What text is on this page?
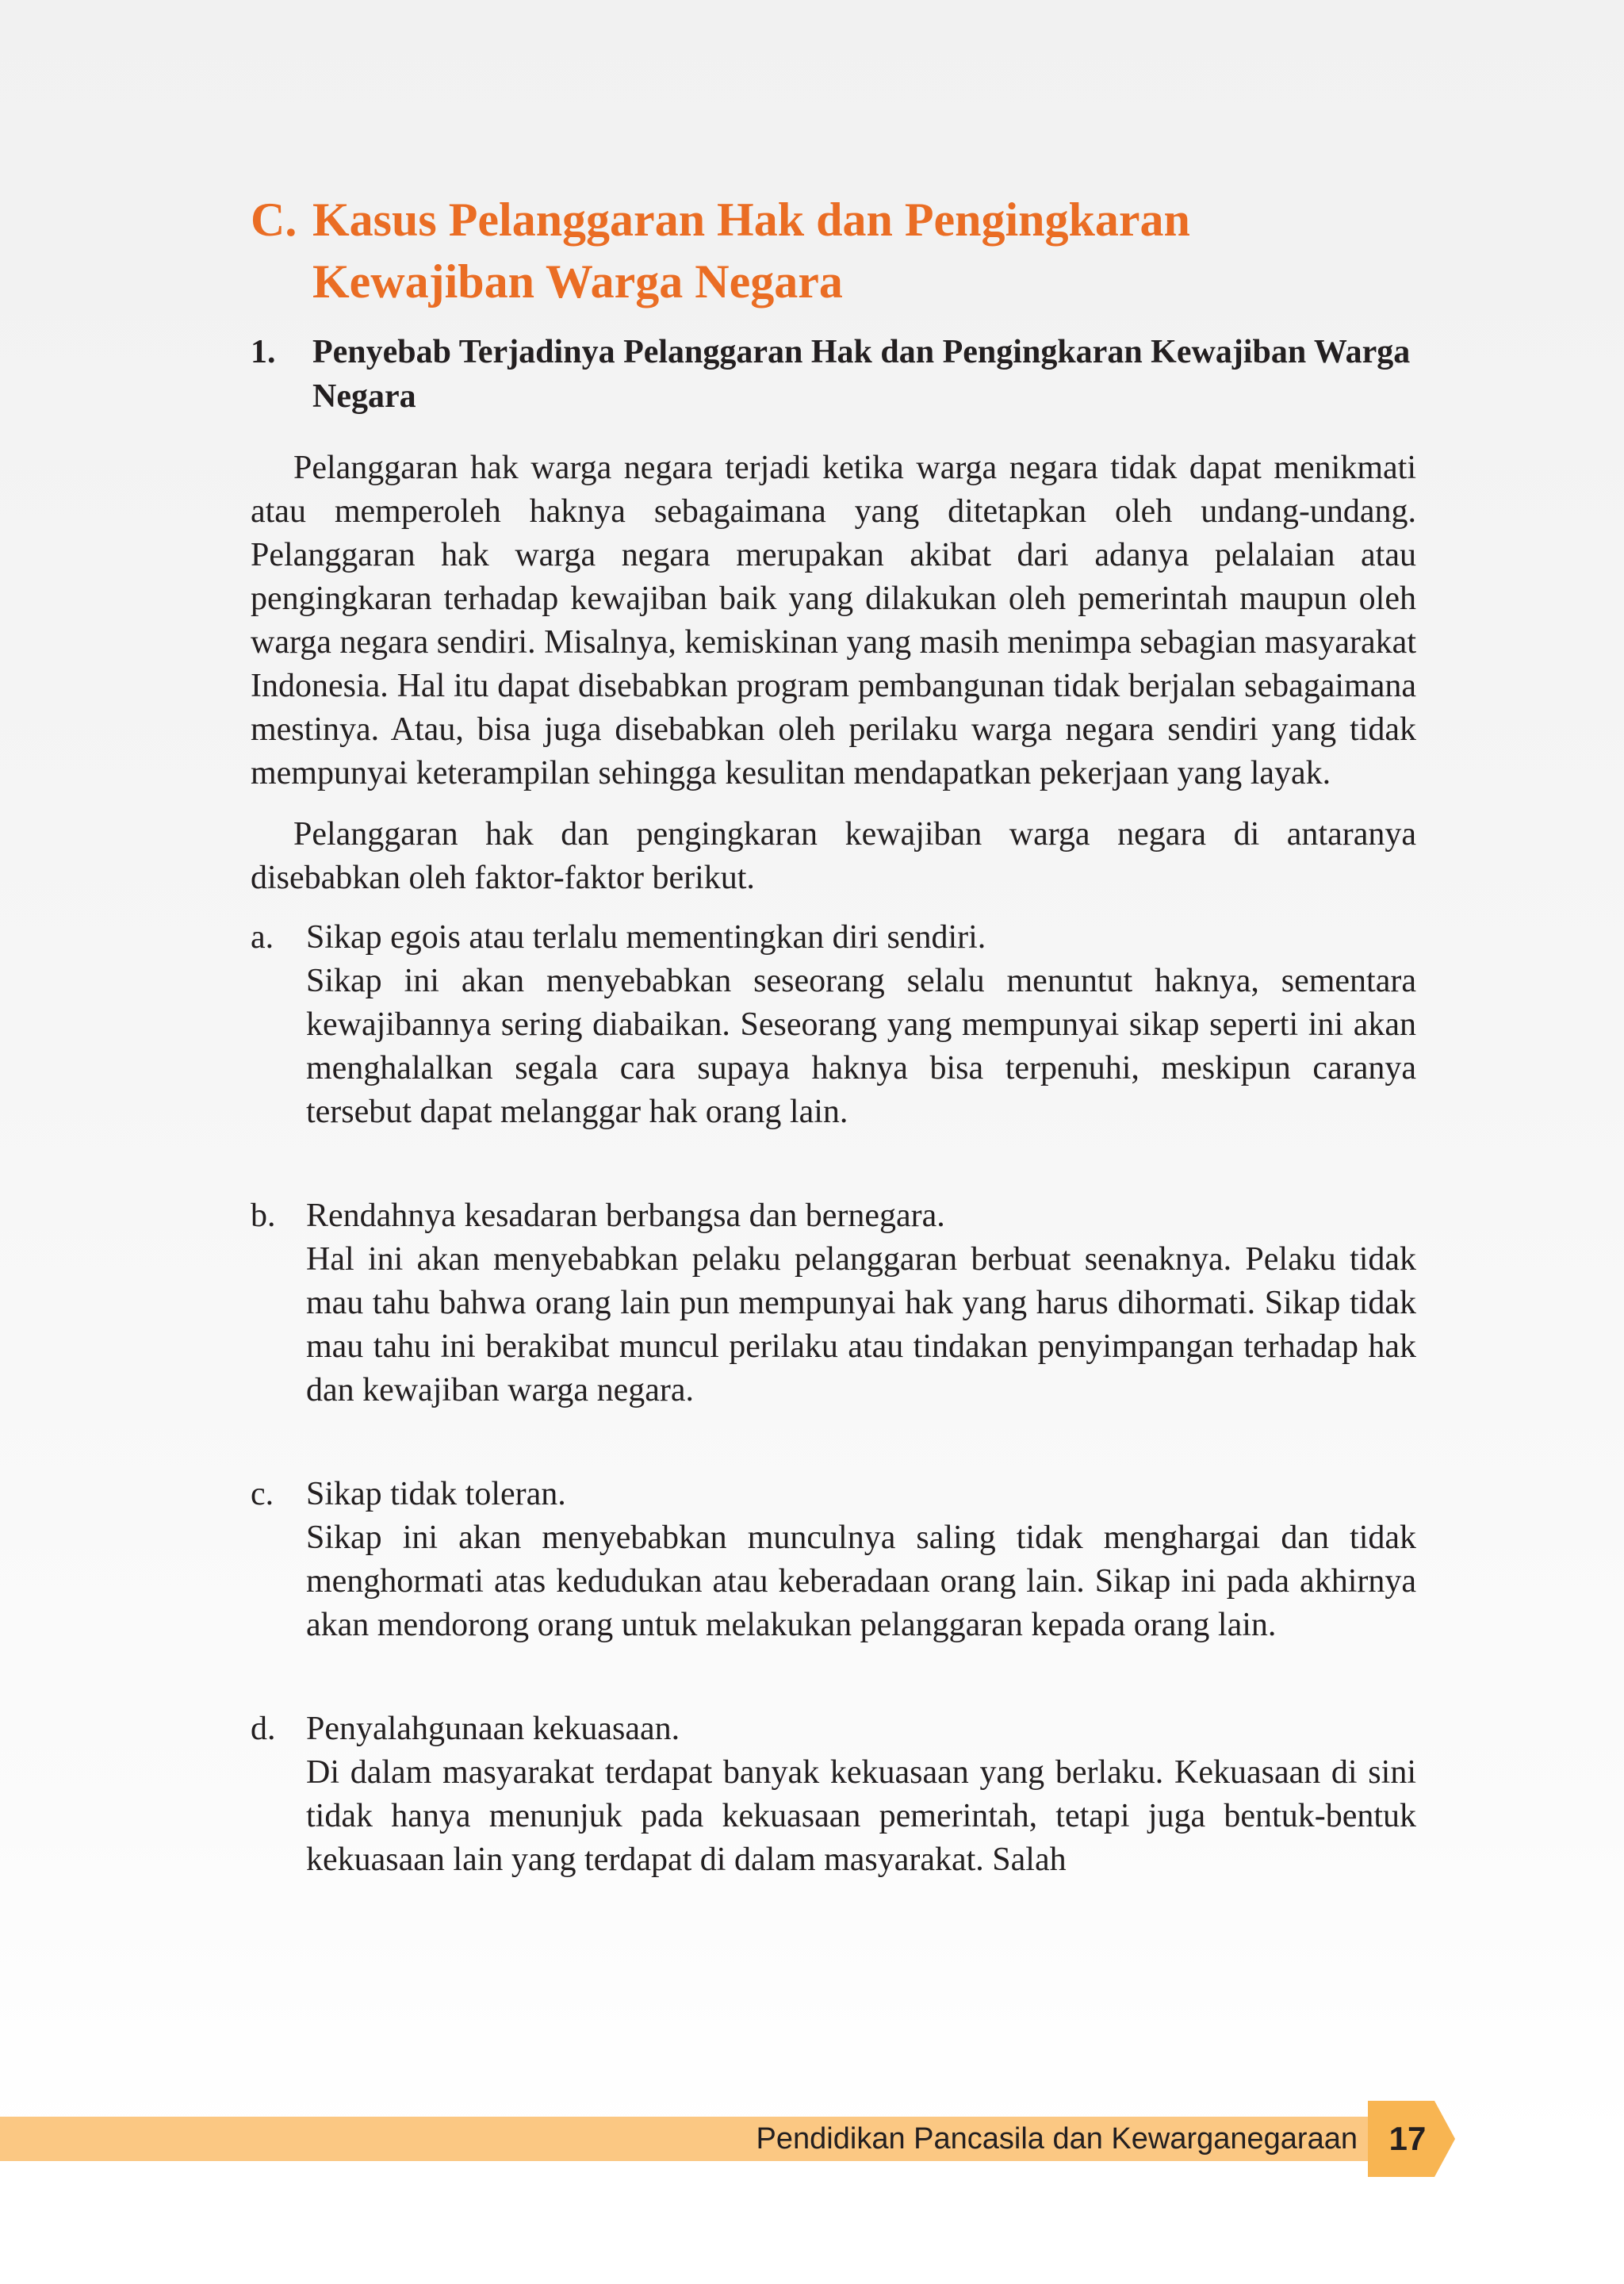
C. Kasus Pelanggaran Hak dan Pengingkaran Kewajiban Warga Negara
1.	Penyebab Terjadinya Pelanggaran Hak dan Pengingkaran Kewajiban Warga Negara

Pelanggaran hak warga negara terjadi ketika warga negara tidak dapat menikmati atau memperoleh haknya sebagaimana yang ditetapkan oleh undang-undang. Pelanggaran hak warga negara merupakan akibat dari adanya pelalaian atau pengingkaran terhadap kewajiban baik yang dilakukan oleh pemerintah maupun oleh warga negara sendiri. Misalnya, kemiskinan yang masih menimpa sebagian masyarakat Indonesia. Hal itu dapat disebabkan program pembangunan tidak berjalan sebagaimana mestinya. Atau, bisa juga disebabkan oleh perilaku warga negara sendiri yang tidak mempunyai keterampilan sehingga kesulitan mendapatkan pekerjaan yang layak.

Pelanggaran hak dan pengingkaran kewajiban warga negara di antaranya disebabkan oleh faktor-faktor berikut.

a. Sikap egois atau terlalu mementingkan diri sendiri.
Sikap ini akan menyebabkan seseorang selalu menuntut haknya, sementara kewajibannya sering diabaikan. Seseorang yang mempunyai sikap seperti ini akan menghalalkan segala cara supaya haknya bisa terpenuhi, meskipun caranya tersebut dapat melanggar hak orang lain.
b. Rendahnya kesadaran berbangsa dan bernegara.
Hal ini akan menyebabkan pelaku pelanggaran berbuat seenaknya. Pelaku tidak mau tahu bahwa orang lain pun mempunyai hak yang harus dihormati. Sikap tidak mau tahu ini berakibat muncul perilaku atau tindakan penyimpangan terhadap hak dan kewajiban warga negara.
c. Sikap tidak toleran.
Sikap ini akan menyebabkan munculnya saling tidak menghargai dan tidak menghormati atas kedudukan atau keberadaan orang lain. Sikap ini pada akhirnya akan mendorong orang untuk melakukan pelanggaran kepada orang lain.
d. Penyalahgunaan kekuasaan.
Di dalam masyarakat terdapat banyak kekuasaan yang berlaku. Kekuasaan di sini tidak hanya menunjuk pada kekuasaan pemerintah, tetapi juga bentuk-bentuk kekuasaan lain yang terdapat di dalam masyarakat. Salah
Pendidikan Pancasila dan Kewarganegaraan 17
